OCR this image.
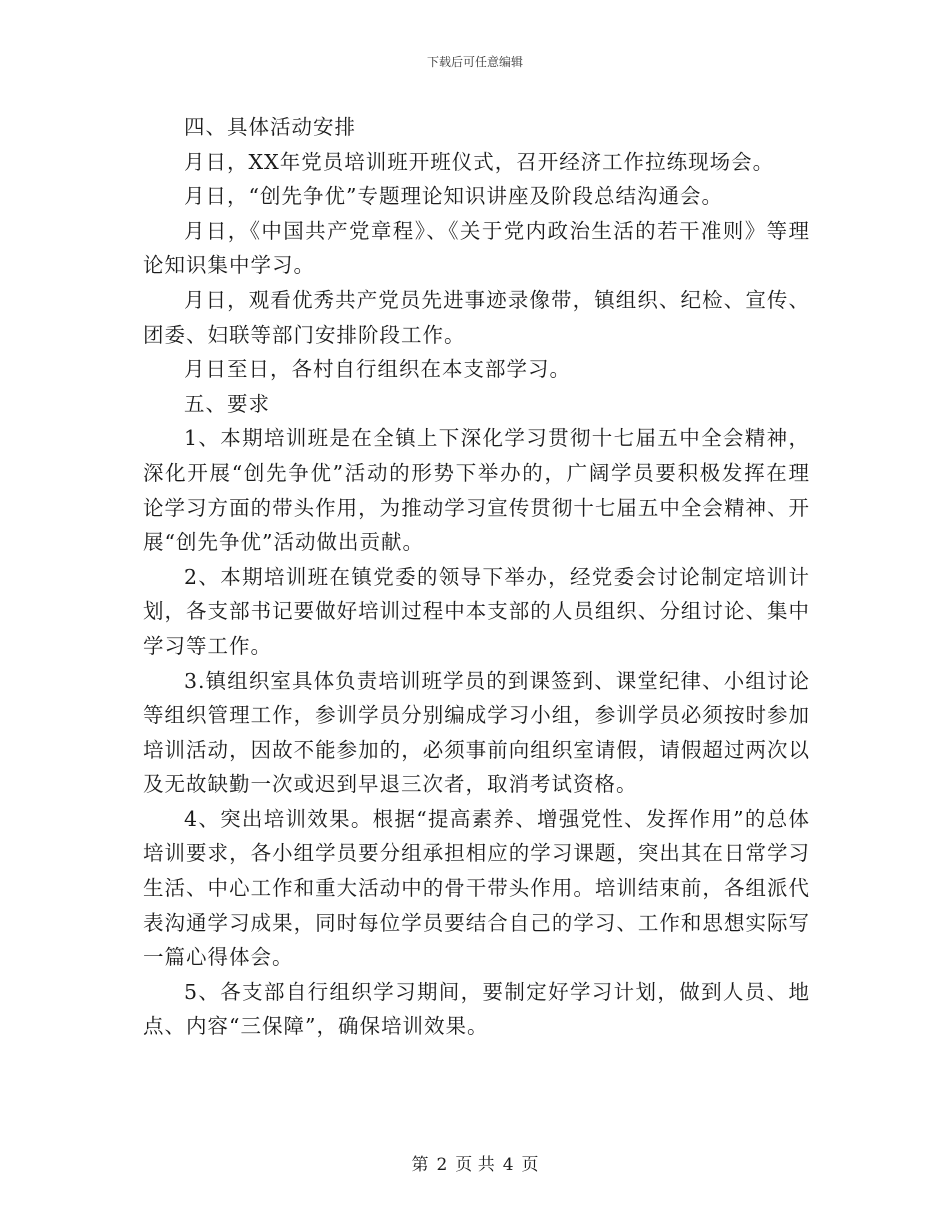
下载后可任意编辑

四、具体活动安排

月日，XX年党员培训班开班仪式，召开经济工作拉练现场会。

月日，“创先争优”专题理论知识讲座及阶段总结沟通会。

月日，《中国共产党章程》、《关于党内政治生活的若干准则》等理论知识集中学习。

月日，观看优秀共产党员先进事迹录像带，镇组织、纪检、宣传、团委、妇联等部门安排阶段工作。

月日至日，各村自行组织在本支部学习。

五、要求

1、本期培训班是在全镇上下深化学习贯彻十七届五中全会精神，深化开展“创先争优”活动的形势下举办的，广阔学员要积极发挥在理论学习方面的带头作用，为推动学习宣传贯彻十七届五中全会精神、开展“创先争优”活动做出贡献。

2、本期培训班在镇党委的领导下举办，经党委会讨论制定培训计划，各支部书记要做好培训过程中本支部的人员组织、分组讨论、集中学习等工作。

3.镇组织室具体负责培训班学员的到课签到、课堂纪律、小组讨论等组织管理工作，参训学员分别编成学习小组，参训学员必须按时参加培训活动，因故不能参加的，必须事前向组织室请假，请假超过两次以及无故缺勤一次或迟到早退三次者，取消考试资格。

4、突出培训效果。根据“提高素养、增强党性、发挥作用”的总体培训要求，各小组学员要分组承担相应的学习课题，突出其在日常学习生活、中心工作和重大活动中的骨干带头作用。培训结束前，各组派代表沟通学习成果，同时每位学员要结合自己的学习、工作和思想实际写一篇心得体会。

5、各支部自行组织学习期间，要制定好学习计划，做到人员、地点、内容“三保障”，确保培训效果。

第 2 页 共 4 页
